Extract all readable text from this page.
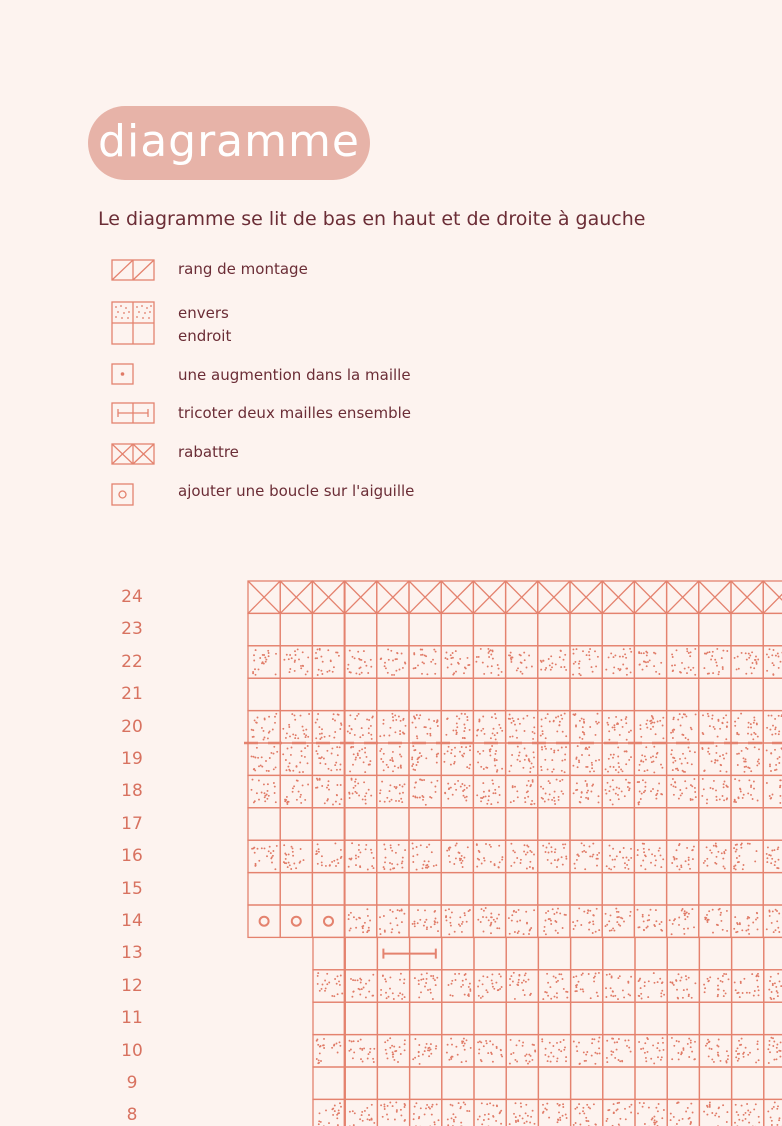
diagramme
Le diagramme se lit de bas en haut et de droite à gauche
rang de montage
envers
endroit
une augmention dans la maille
tricoter deux mailles ensemble
rabattre
ajouter une boucle sur l'aiguille
24
23
22
21
20
19
18
17
16
15
14
13
12
11
10
9
8
